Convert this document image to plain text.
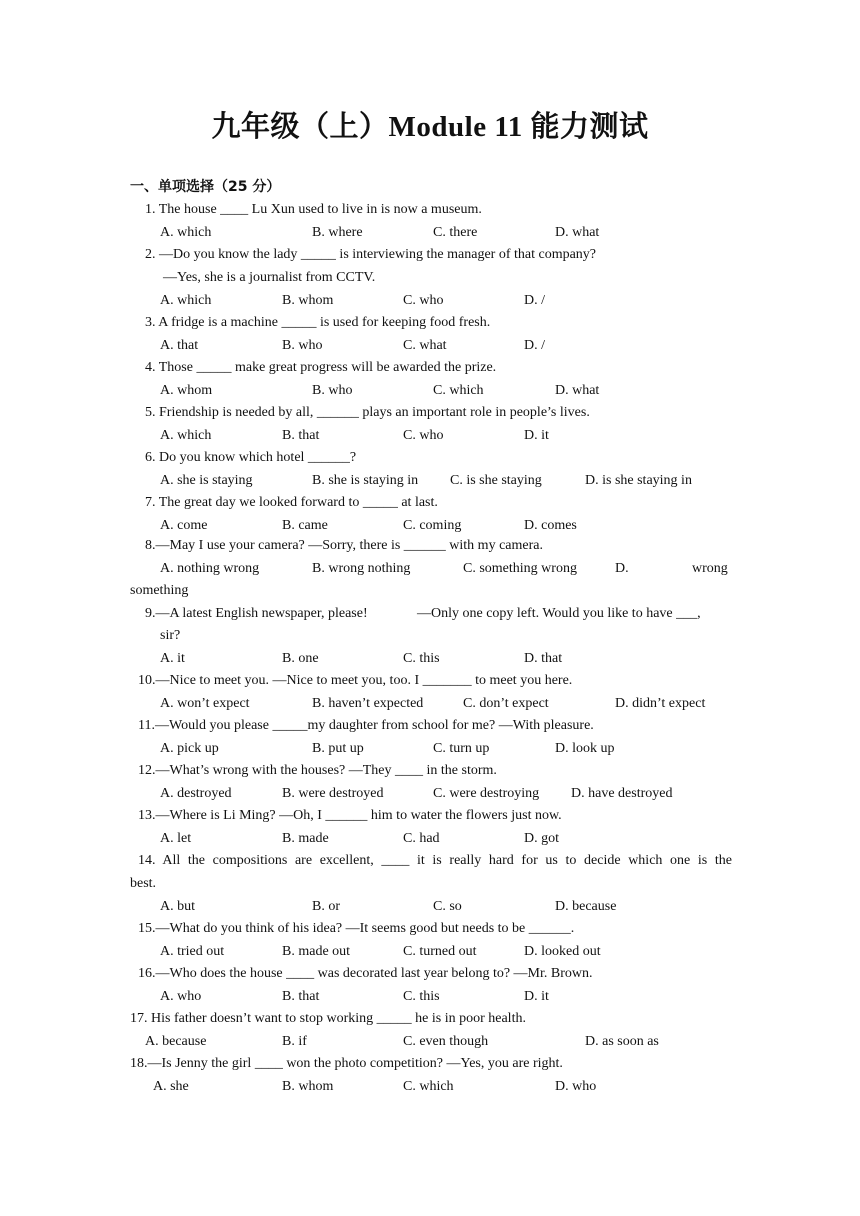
九年级（上）Module 11 能力测试
一、单项选择（25 分）
1. The house ____ Lu Xun used to live in is now a museum.
A. which	B. where	C. there	D. what
2. —Do you know the lady _____ is interviewing the manager of that company?
—Yes, she is a journalist from CCTV.
A. which	B. whom	C. who	D. /
3. A fridge is a machine _____ is used for keeping food fresh.
A. that	B. who	C. what	D. /
4. Those _____ make great progress will be awarded the prize.
A. whom	B. who	C. which	D. what
5. Friendship is needed by all, ______ plays an important role in people’s lives.
A. which	B. that	C. who	D. it
6. Do you know which hotel ______?
A. she is staying	B. she is staying in C. is she staying	D. is she staying in
7. The great day we looked forward to _____ at last.
A. come	B. came	C. coming	D. comes
8.—May I use your camera? —Sorry, there is ______ with my camera.
A. nothing wrong	B. wrong nothing	C. something wrong	D.	wrong
something
9.—A latest English newspaper, please!	—Only one copy left. Would you like to have ___,
sir?
A. it	B. one	C. this	D. that
10.—Nice to meet you. —Nice to meet you, too. I _______ to meet you here.
A. won’t expect	B. haven’t expected	C. don’t expect	D. didn’t expect
11.—Would you please _____my daughter from school for me? —With pleasure.
A. pick up	B. put up	C. turn up	D. look up
12.—What’s wrong with the houses? —They ____ in the storm.
A. destroyed	B. were destroyed	C. were destroying D. have destroyed
13.—Where is Li Ming? —Oh, I ______ him to water the flowers just now.
A. let	B. made	C. had	D. got
14. All the compositions are excellent, ____ it is really hard for us to decide which one is the
best.
A. but	B. or	C. so	D. because
15.—What do you think of his idea? —It seems good but needs to be ______.
A. tried out	B. made out	C. turned out	D. looked out
16.—Who does the house ____ was decorated last year belong to? —Mr. Brown.
A. who	B. that	C. this	D. it
17. His father doesn’t want to stop working _____ he is in poor health.
A. because	B. if	C. even though	D. as soon as
18.—Is Jenny the girl ____ won the photo competition? —Yes, you are right.
A. she	B. whom	C. which	D. who
